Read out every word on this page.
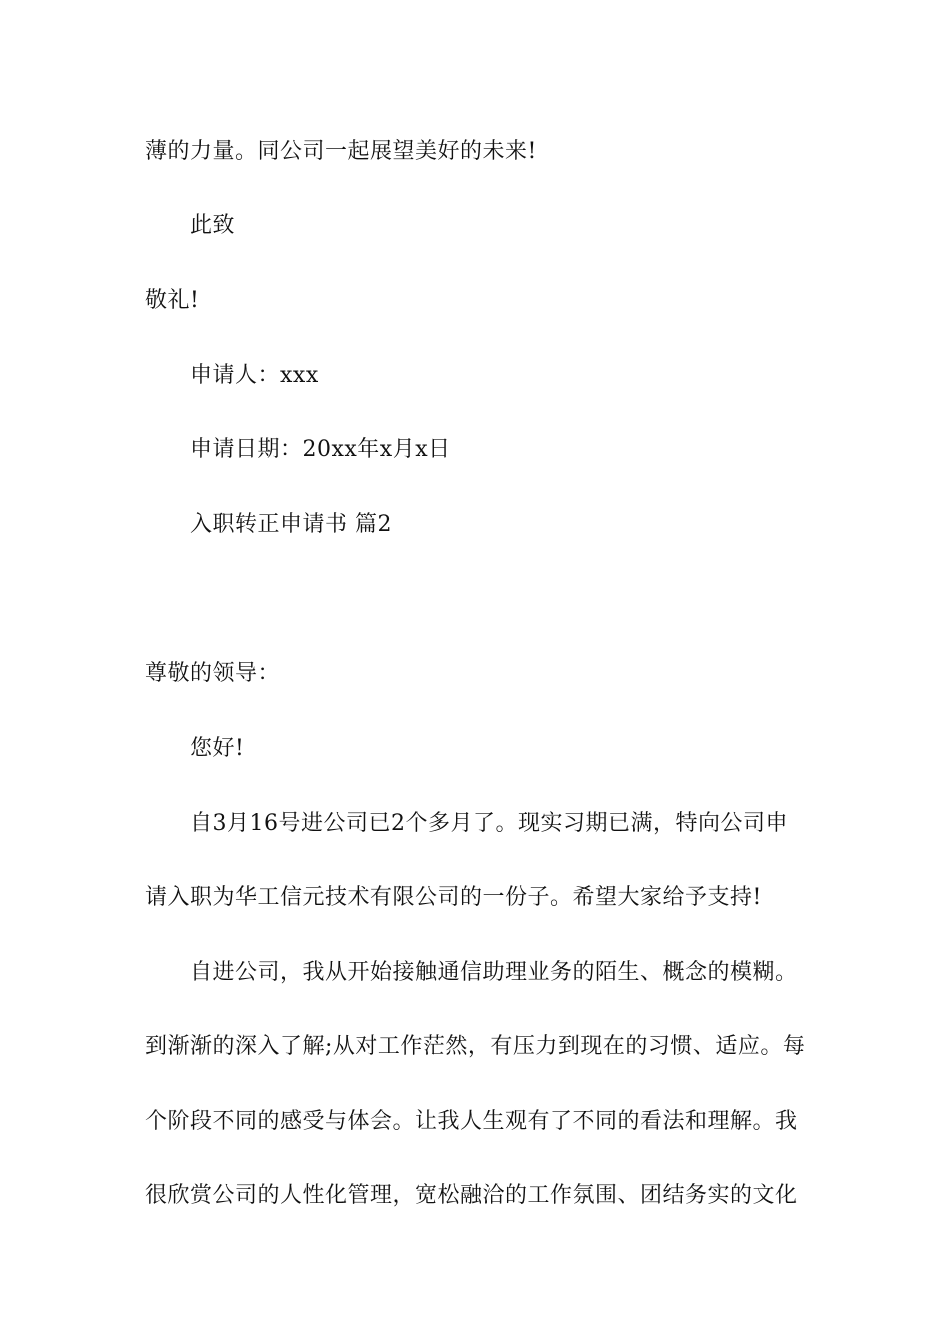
薄的力量。同公司一起展望美好的未来!
此致
敬礼!
申请人：xxx
申请日期：20xx年x月x日
入职转正申请书 篇2
尊敬的领导：
您好!
自3月16号进公司已2个多月了。现实习期已满，特向公司申
请入职为华工信元技术有限公司的一份子。希望大家给予支持!
自进公司，我从开始接触通信助理业务的陌生、概念的模糊。
到渐渐的深入了解;从对工作茫然，有压力到现在的习惯、适应。每
个阶段不同的感受与体会。让我人生观有了不同的看法和理解。我
很欣赏公司的人性化管理，宽松融洽的工作氛围、团结务实的文化
